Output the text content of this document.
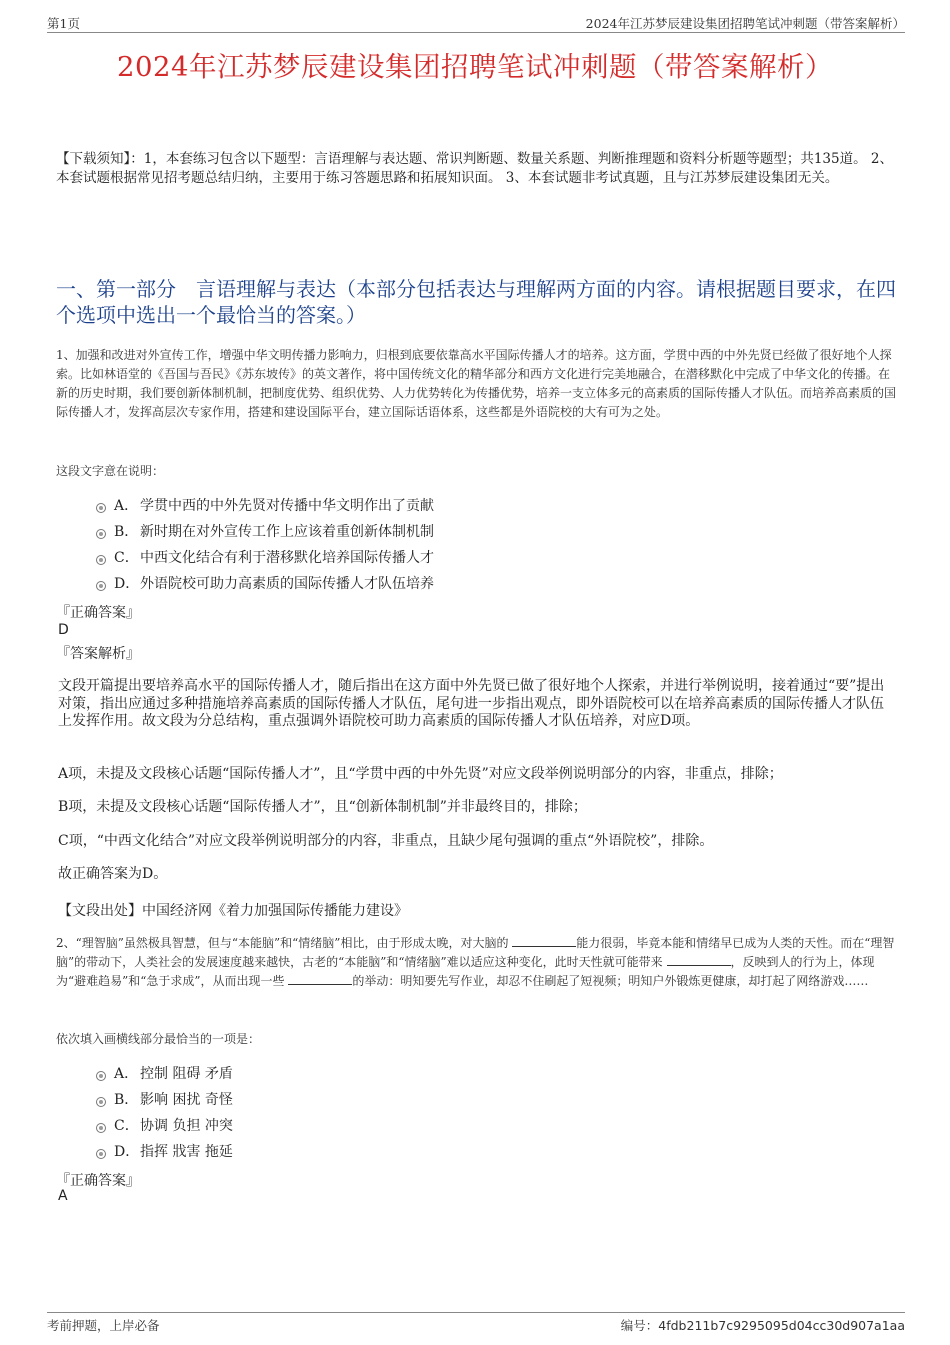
第1页	2024年江苏梦辰建设集团招聘笔试冲刺题（带答案解析）
2024年江苏梦辰建设集团招聘笔试冲刺题（带答案解析）

【下载须知】：1，本套练习包含以下题型：言语理解与表达题、常识判断题、数量关系题、判断推理题和资料分析题等题型；共135道。 2、本套试题根据常见招考题总结归纳，主要用于练习答题思路和拓展知识面。 3、本套试题非考试真题，且与江苏梦辰建设集团无关。

一、第一部分　言语理解与表达（本部分包括表达与理解两方面的内容。请根据题目要求，在四个选项中选出一个最恰当的答案。）

1、加强和改进对外宣传工作，增强中华文明传播力影响力，归根到底要依靠高水平国际传播人才的培养。这方面，学贯中西的中外先贤已经做了很好地个人探索。比如林语堂的《吾国与吾民》《苏东坡传》的英文著作，将中国传统文化的精华部分和西方文化进行完美地融合，在潜移默化中完成了中华文化的传播。在新的历史时期，我们要创新体制机制，把制度优势、组织优势、人力优势转化为传播优势，培养一支立体多元的高素质的国际传播人才队伍。而培养高素质的国际传播人才，发挥高层次专家作用，搭建和建设国际平台，建立国际话语体系，这些都是外语院校的大有可为之处。

这段文字意在说明：

A． 学贯中西的中外先贤对传播中华文明作出了贡献
B． 新时期在对外宣传工作上应该着重创新体制机制
C．中西文化结合有利于潜移默化培养国际传播人才
D．外语院校可助力高素质的国际传播人才队伍培养
『正确答案』
D
『答案解析』

文段开篇提出要培养高水平的国际传播人才，随后指出在这方面中外先贤已做了很好地个人探索，并进行举例说明，接着通过“要”提出对策，指出应通过多种措施培养高素质的国际传播人才队伍，尾句进一步指出观点，即外语院校可以在培养高素质的国际传播人才队伍上发挥作用。故文段为分总结构，重点强调外语院校可助力高素质的国际传播人才队伍培养，对应D项。

A项，未提及文段核心话题“国际传播人才”，且“学贯中西的中外先贤”对应文段举例说明部分的内容，非重点，排除；

B项，未提及文段核心话题“国际传播人才”，且“创新体制机制”并非最终目的，排除；

C项，“中西文化结合”对应文段举例说明部分的内容，非重点，且缺少尾句强调的重点“外语院校”，排除。

故正确答案为D。

【文段出处】中国经济网《着力加强国际传播能力建设》

2、“理智脑”虽然极具智慧，但与“本能脑”和“情绪脑”相比，由于形成太晚，对大脑的	能力很弱，毕竟本能和情绪早已成为人类的天性。而在“理智脑”的带动下，人类社会的发展速度越来越快，古老的“本能脑”和“情绪脑”难以适应这种变化，此时天性就可能带来	，反映到人的行为上，体现为“避难趋易”和“急于求成”，从而出现一些	的举动：明知要先写作业，却忍不住刷起了短视频；明知户外锻炼更健康，却打起了网络游戏……

依次填入画横线部分最恰当的一项是：

A． 控制 阻碍 矛盾
B． 影响 困扰 奇怪
C．协调 负担 冲突
D．指挥 戕害 拖延
『正确答案』
A
考前押题，上岸必备	编号：4fdb211b7c9295095d04cc30d907a1aa
